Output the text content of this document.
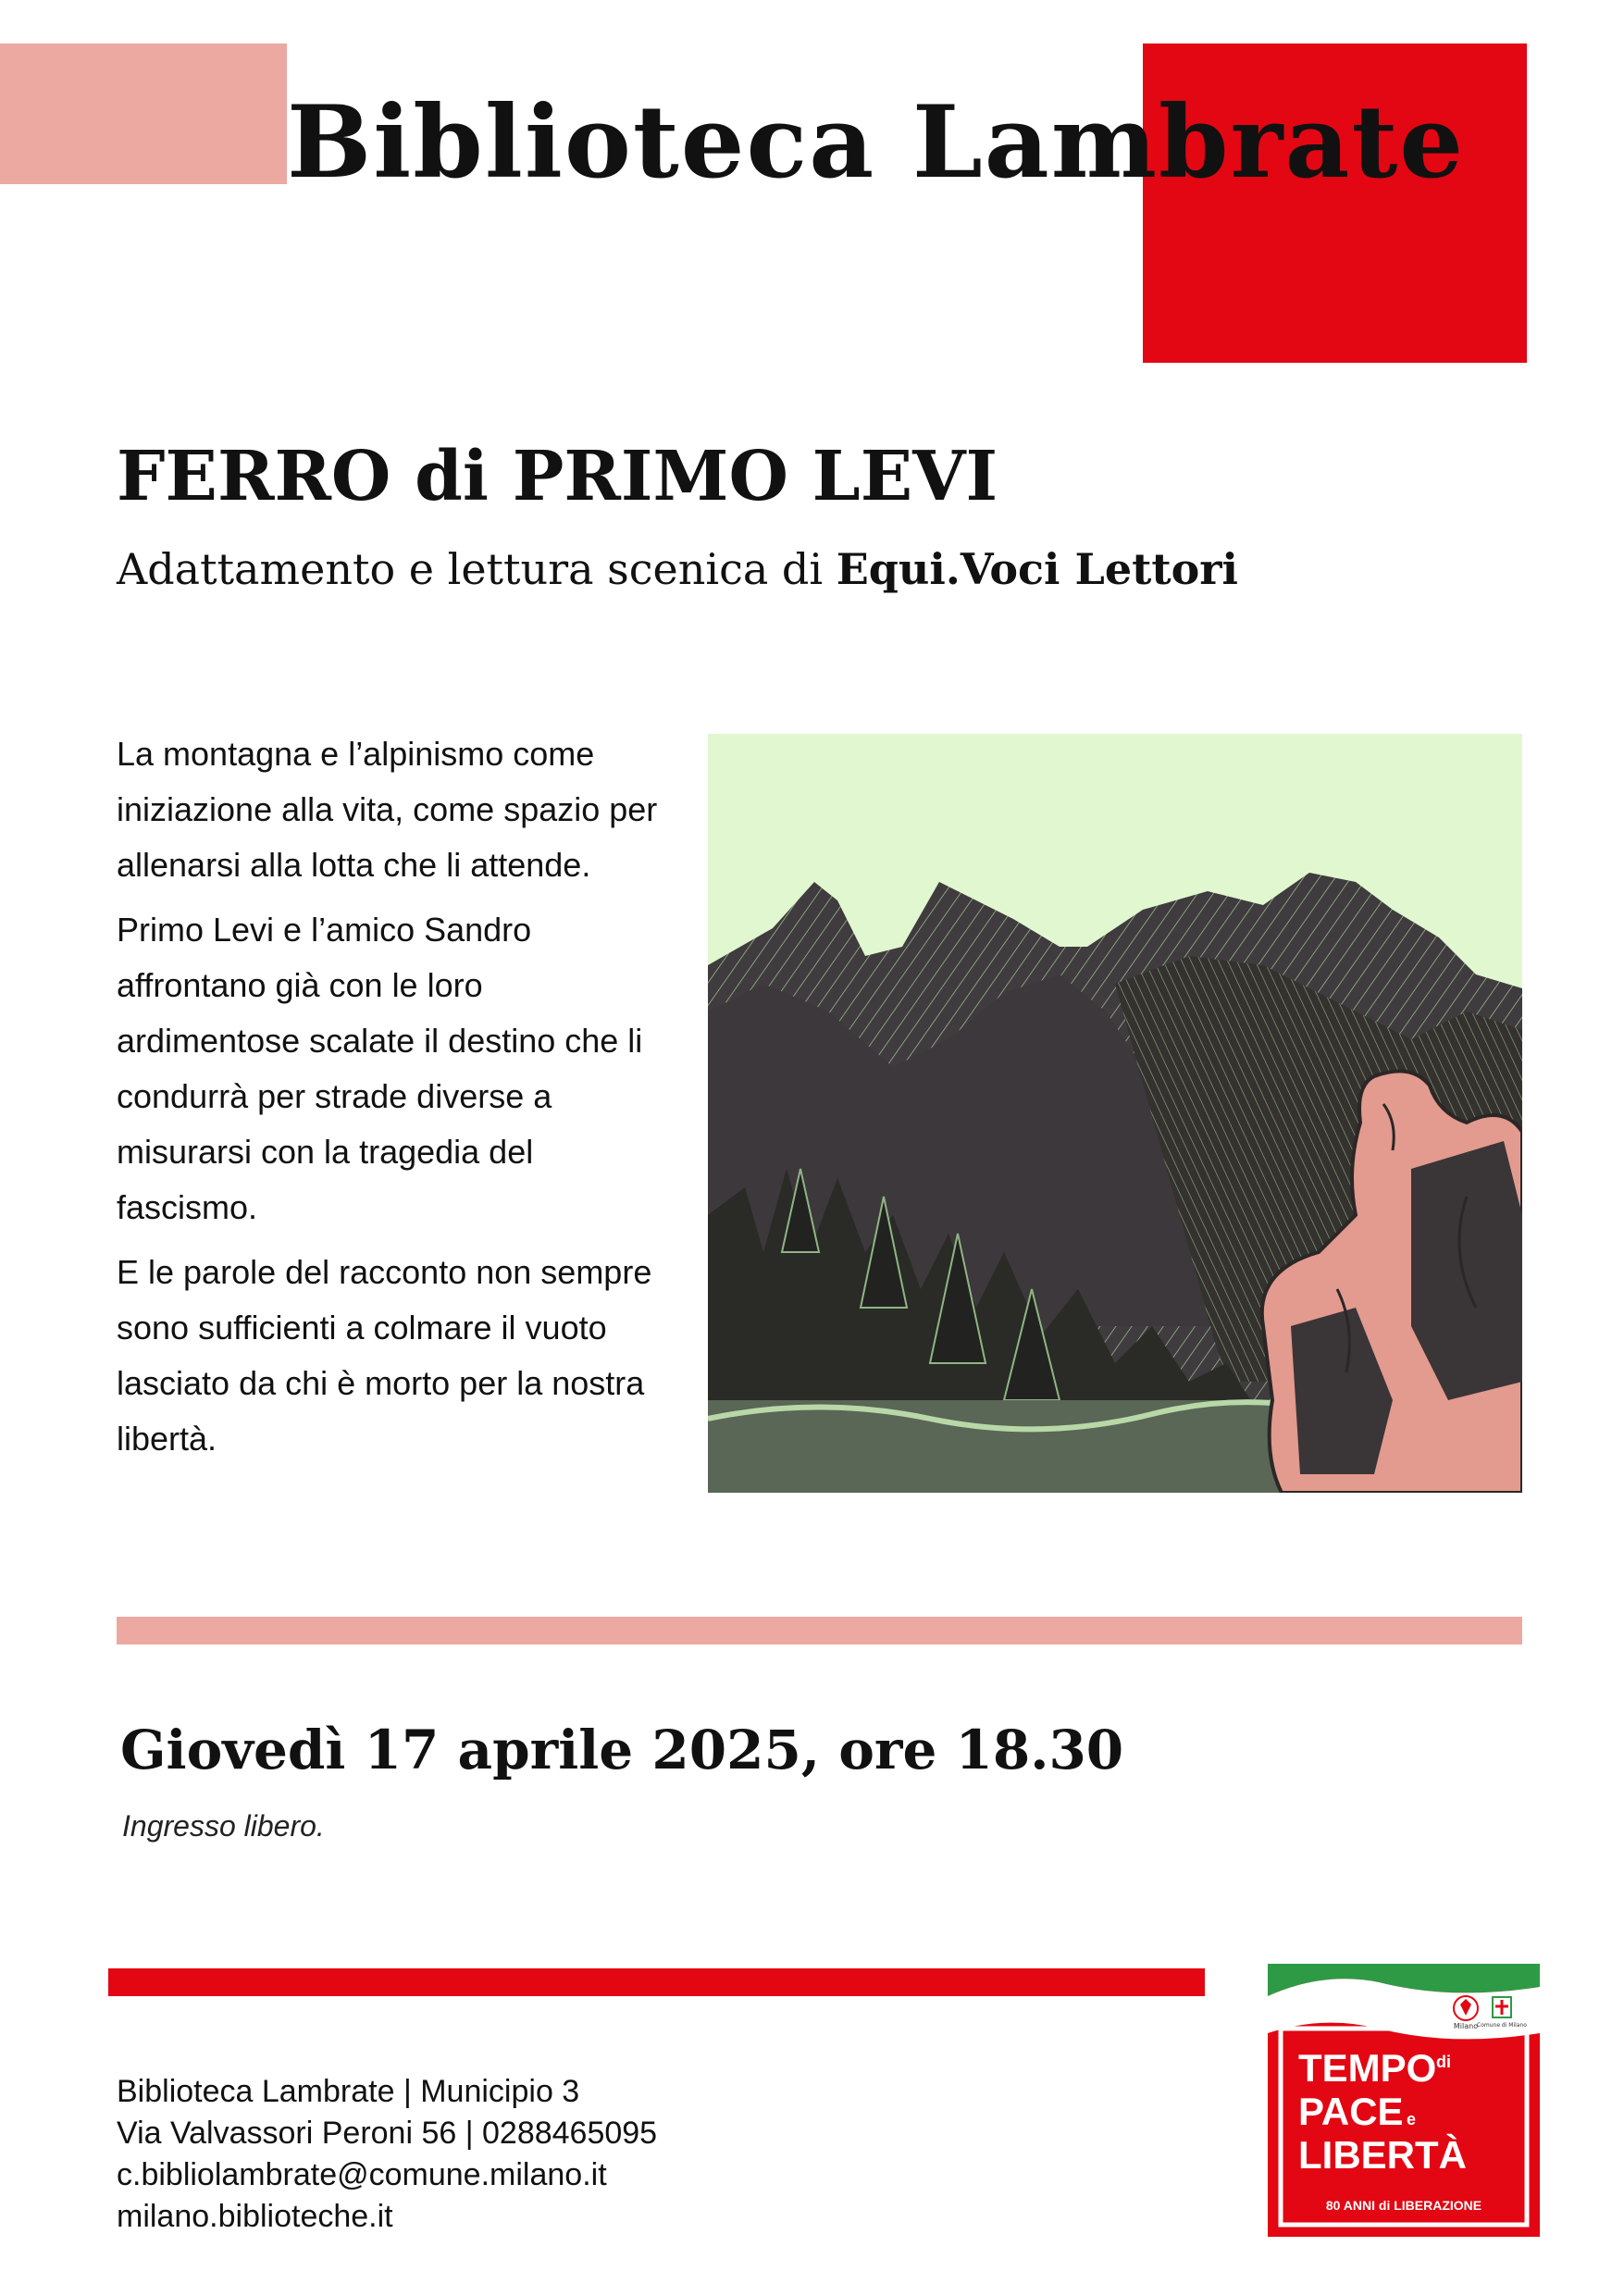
Biblioteca Lambrate
FERRO di PRIMO LEVI
Adattamento e lettura scenica di Equi.Voci Lettori

La montagna e l’alpinismo come iniziazione alla vita, come spazio per allenarsi alla lotta che li attende.

Primo Levi e l’amico Sandro affrontano già con le loro ardimentose scalate il destino che li condurrà per strade diverse a misurarsi con la tragedia del fascismo.

E le parole del racconto non sempre sono sufficienti a colmare il vuoto lasciato da chi è morto per la nostra libertà.

Giovedì 17 aprile 2025, ore 18.30
Ingresso libero.
Biblioteca Lambrate | Municipio 3
Via Valvassori Peroni 56 | 0288465095
c.bibliolambrate@comune.milano.it
milano.biblioteche.it
Milano
Comune di Milano
TEMPO di
PACE e
LIBERTÀ
80 ANNI di LIBERAZIONE
